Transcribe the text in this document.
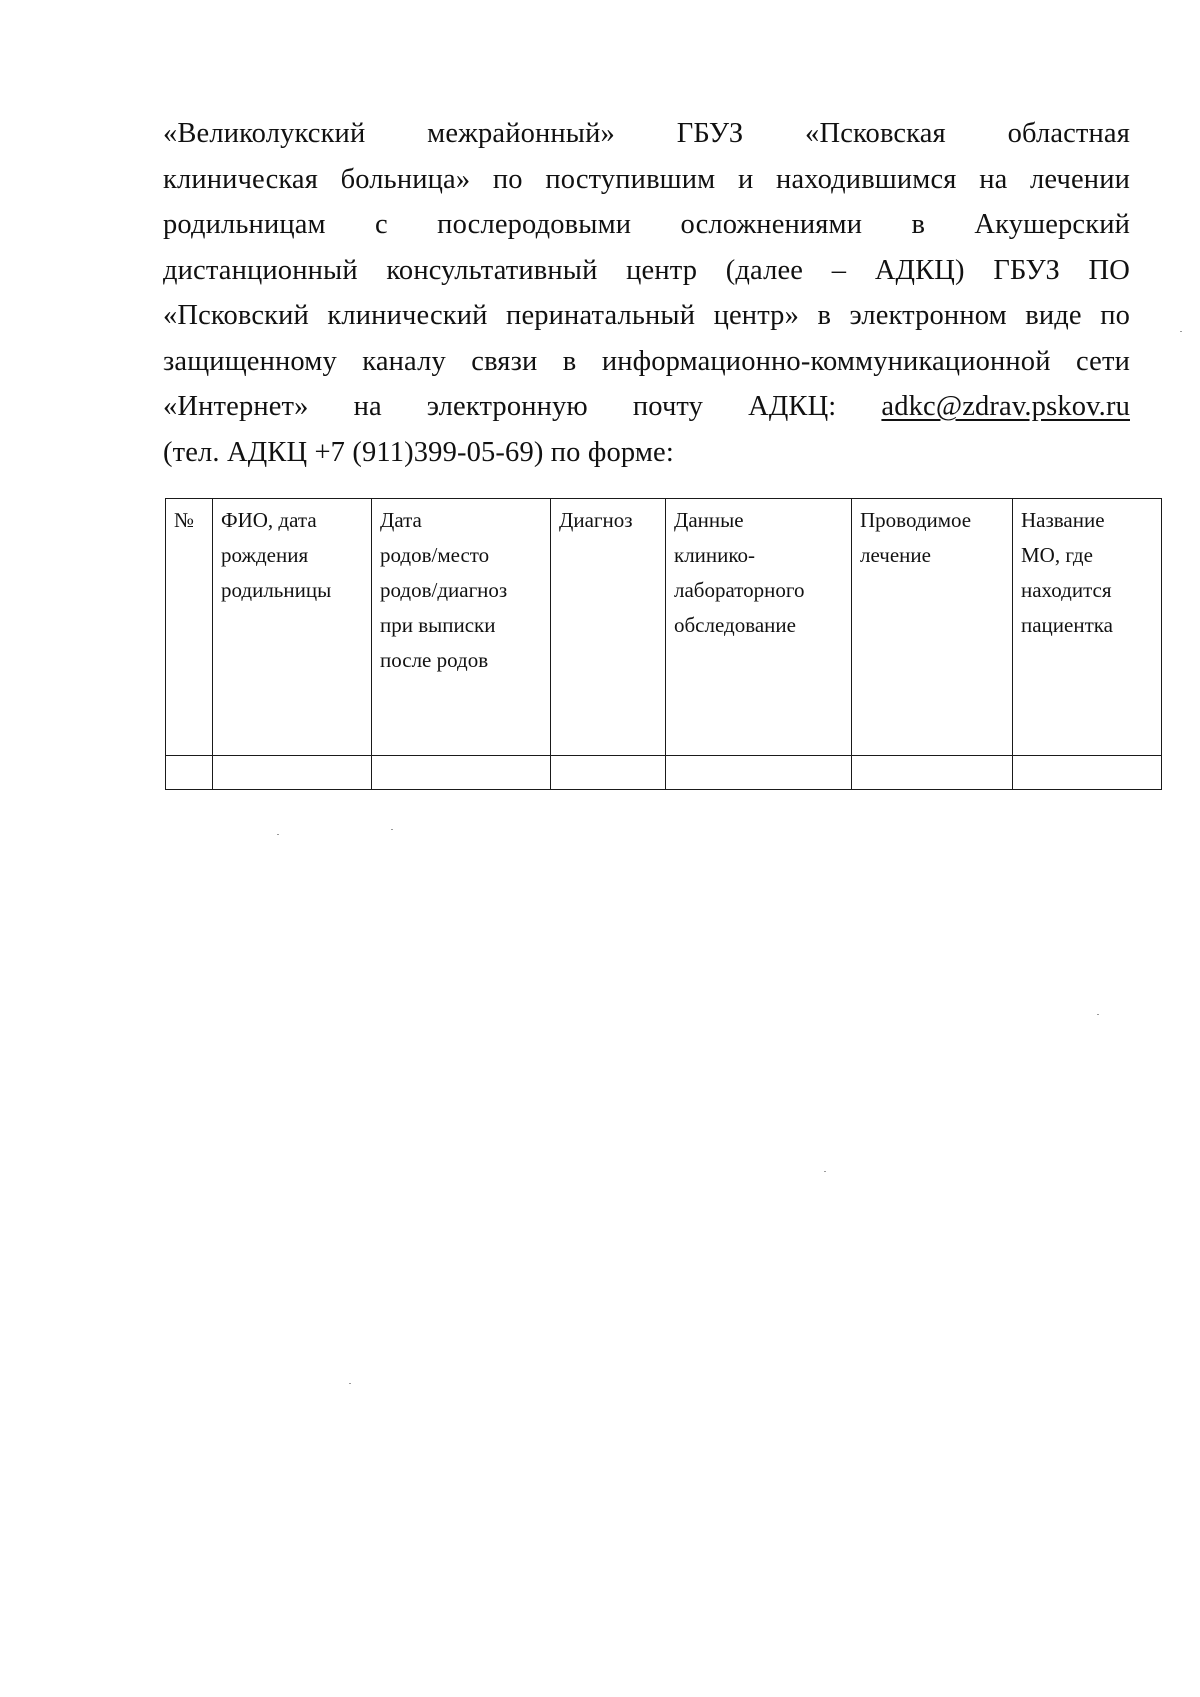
«Великолукский межрайонный» ГБУЗ «Псковская областная
клиническая больница» по поступившим и находившимся на лечении
родильницам с послеродовыми осложнениями в Акушерский
дистанционный консультативный центр (далее – АДКЦ) ГБУЗ ПО
«Псковский клинический перинатальный центр» в электронном виде по
защищенному каналу связи в информационно-коммуникационной сети
«Интернет» на электронную почту АДКЦ: adkc@zdrav.pskov.ru
(тел. АДКЦ +7 (911)399-05-69) по форме:
№	ФИО, дата
рождения
родильницы	Дата
родов/место
родов/диагноз
при выписки
после родов	Диагноз	Данные
клинико-
лабораторного
обследование	Проводимое
лечение	Название
МО, где
находится
пациентка
